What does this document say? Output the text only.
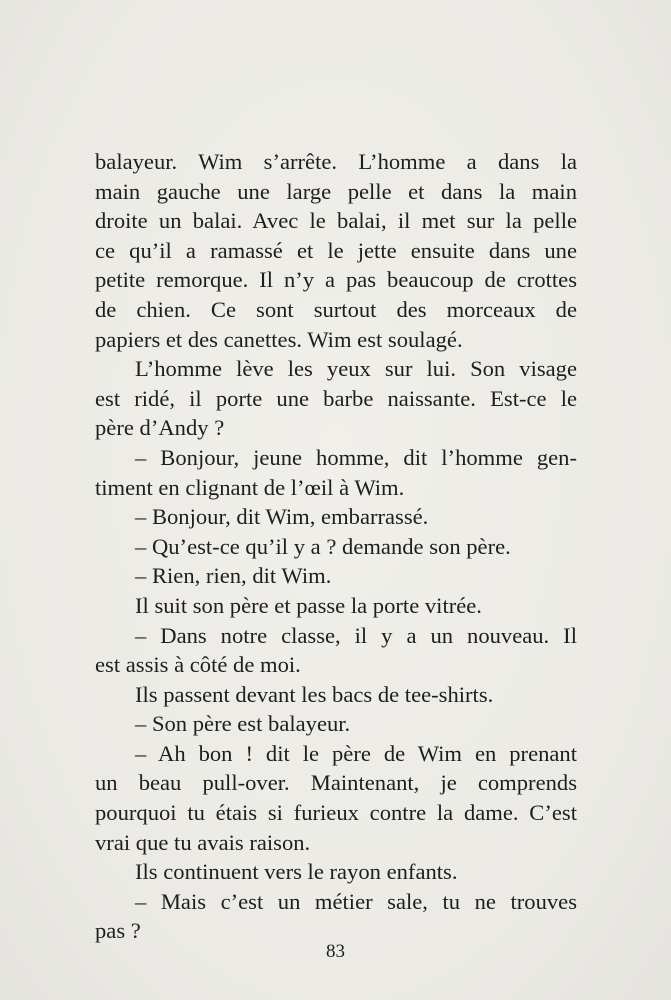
balayeur. Wim s’arrête. L’homme a dans la
main gauche une large pelle et dans la main
droite un balai. Avec le balai, il met sur la pelle
ce qu’il a ramassé et le jette ensuite dans une
petite remorque. Il n’y a pas beaucoup de crottes
de chien. Ce sont surtout des morceaux de
papiers et des canettes. Wim est soulagé.
L’homme lève les yeux sur lui. Son visage
est ridé, il porte une barbe naissante. Est-ce le
père d’Andy ?
– Bonjour, jeune homme, dit l’homme gen-
timent en clignant de l’œil à Wim.
– Bonjour, dit Wim, embarrassé.
– Qu’est-ce qu’il y a ? demande son père.
– Rien, rien, dit Wim.
Il suit son père et passe la porte vitrée.
– Dans notre classe, il y a un nouveau. Il
est assis à côté de moi.
Ils passent devant les bacs de tee-shirts.
– Son père est balayeur.
– Ah bon ! dit le père de Wim en prenant
un beau pull-over. Maintenant, je comprends
pourquoi tu étais si furieux contre la dame. C’est
vrai que tu avais raison.
Ils continuent vers le rayon enfants.
– Mais c’est un métier sale, tu ne trouves
pas ?
83
